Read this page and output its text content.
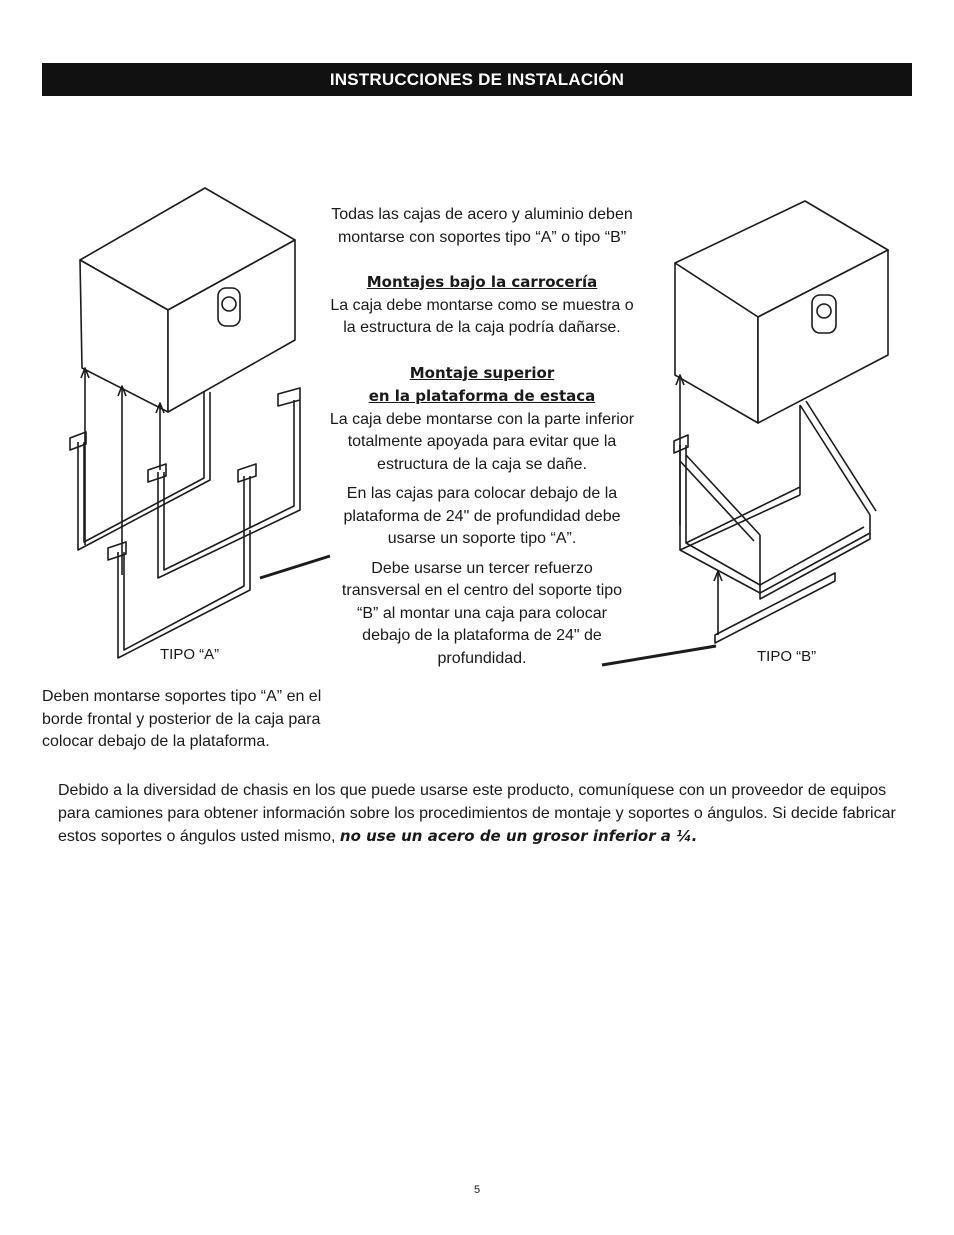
INSTRUCCIONES DE INSTALACIÓN
TIPO “A”	TIPO “B”

Todas las cajas de acero y aluminio deben montarse con soportes tipo “A” o tipo “B”

Montajes bajo la carrocería

La caja debe montarse como se muestra o la estructura de la caja podría dañarse.

Montaje superior

en la plataforma de estaca

La caja debe montarse con la parte inferior totalmente apoyada para evitar que la estructura de la caja se dañe.

En las cajas para colocar debajo de la plataforma de 24" de profundidad debe usarse un soporte tipo “A”.

Debe usarse un tercer refuerzo transversal en el centro del soporte tipo “B” al montar una caja para colocar debajo de la plataforma de 24" de profundidad.

Deben montarse soportes tipo “A” en el borde frontal y posterior de la caja para colocar debajo de la plataforma.
Debido a la diversidad de chasis en los que puede usarse este producto, comuníquese con un proveedor de equipos para camiones para obtener información sobre los procedimientos de montaje y soportes o ángulos. Si decide fabricar estos soportes o ángulos usted mismo, no use un acero de un grosor inferior a ¼.
5
